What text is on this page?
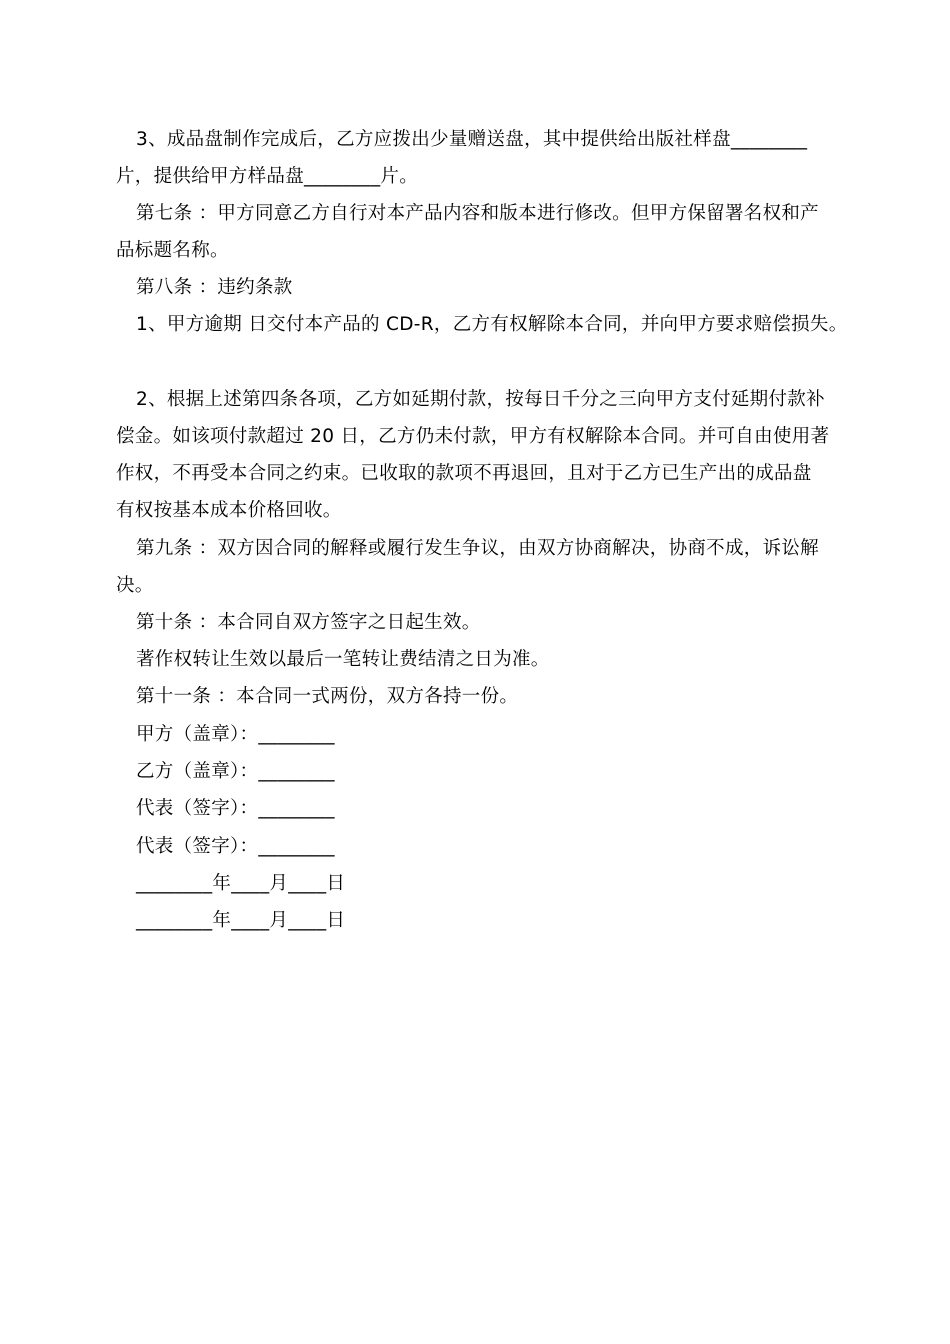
3、成品盘制作完成后，乙方应拨出少量赠送盘，其中提供给出版社样盘________
片，提供给甲方样品盘________片。
第七条 ：甲方同意乙方自行对本产品内容和版本进行修改。但甲方保留署名权和产
品标题名称。
第八条 ：违约条款
1、甲方逾期 日交付本产品的 CD-R，乙方有权解除本合同，并向甲方要求赔偿损失。
2、根据上述第四条各项，乙方如延期付款，按每日千分之三向甲方支付延期付款补
偿金。如该项付款超过 20 日，乙方仍未付款，甲方有权解除本合同。并可自由使用著
作权，不再受本合同之约束。已收取的款项不再退回，且对于乙方已生产出的成品盘
有权按基本成本价格回收。
第九条 ：双方因合同的解释或履行发生争议，由双方协商解决，协商不成，诉讼解
决。
第十条 ：本合同自双方签字之日起生效。
著作权转让生效以最后一笔转让费结清之日为准。
第十一条 ：本合同一式两份，双方各持一份。
甲方（盖章）：________
乙方（盖章）：________
代表（签字）：________
代表（签字）：________
________年____月____日
________年____月____日
